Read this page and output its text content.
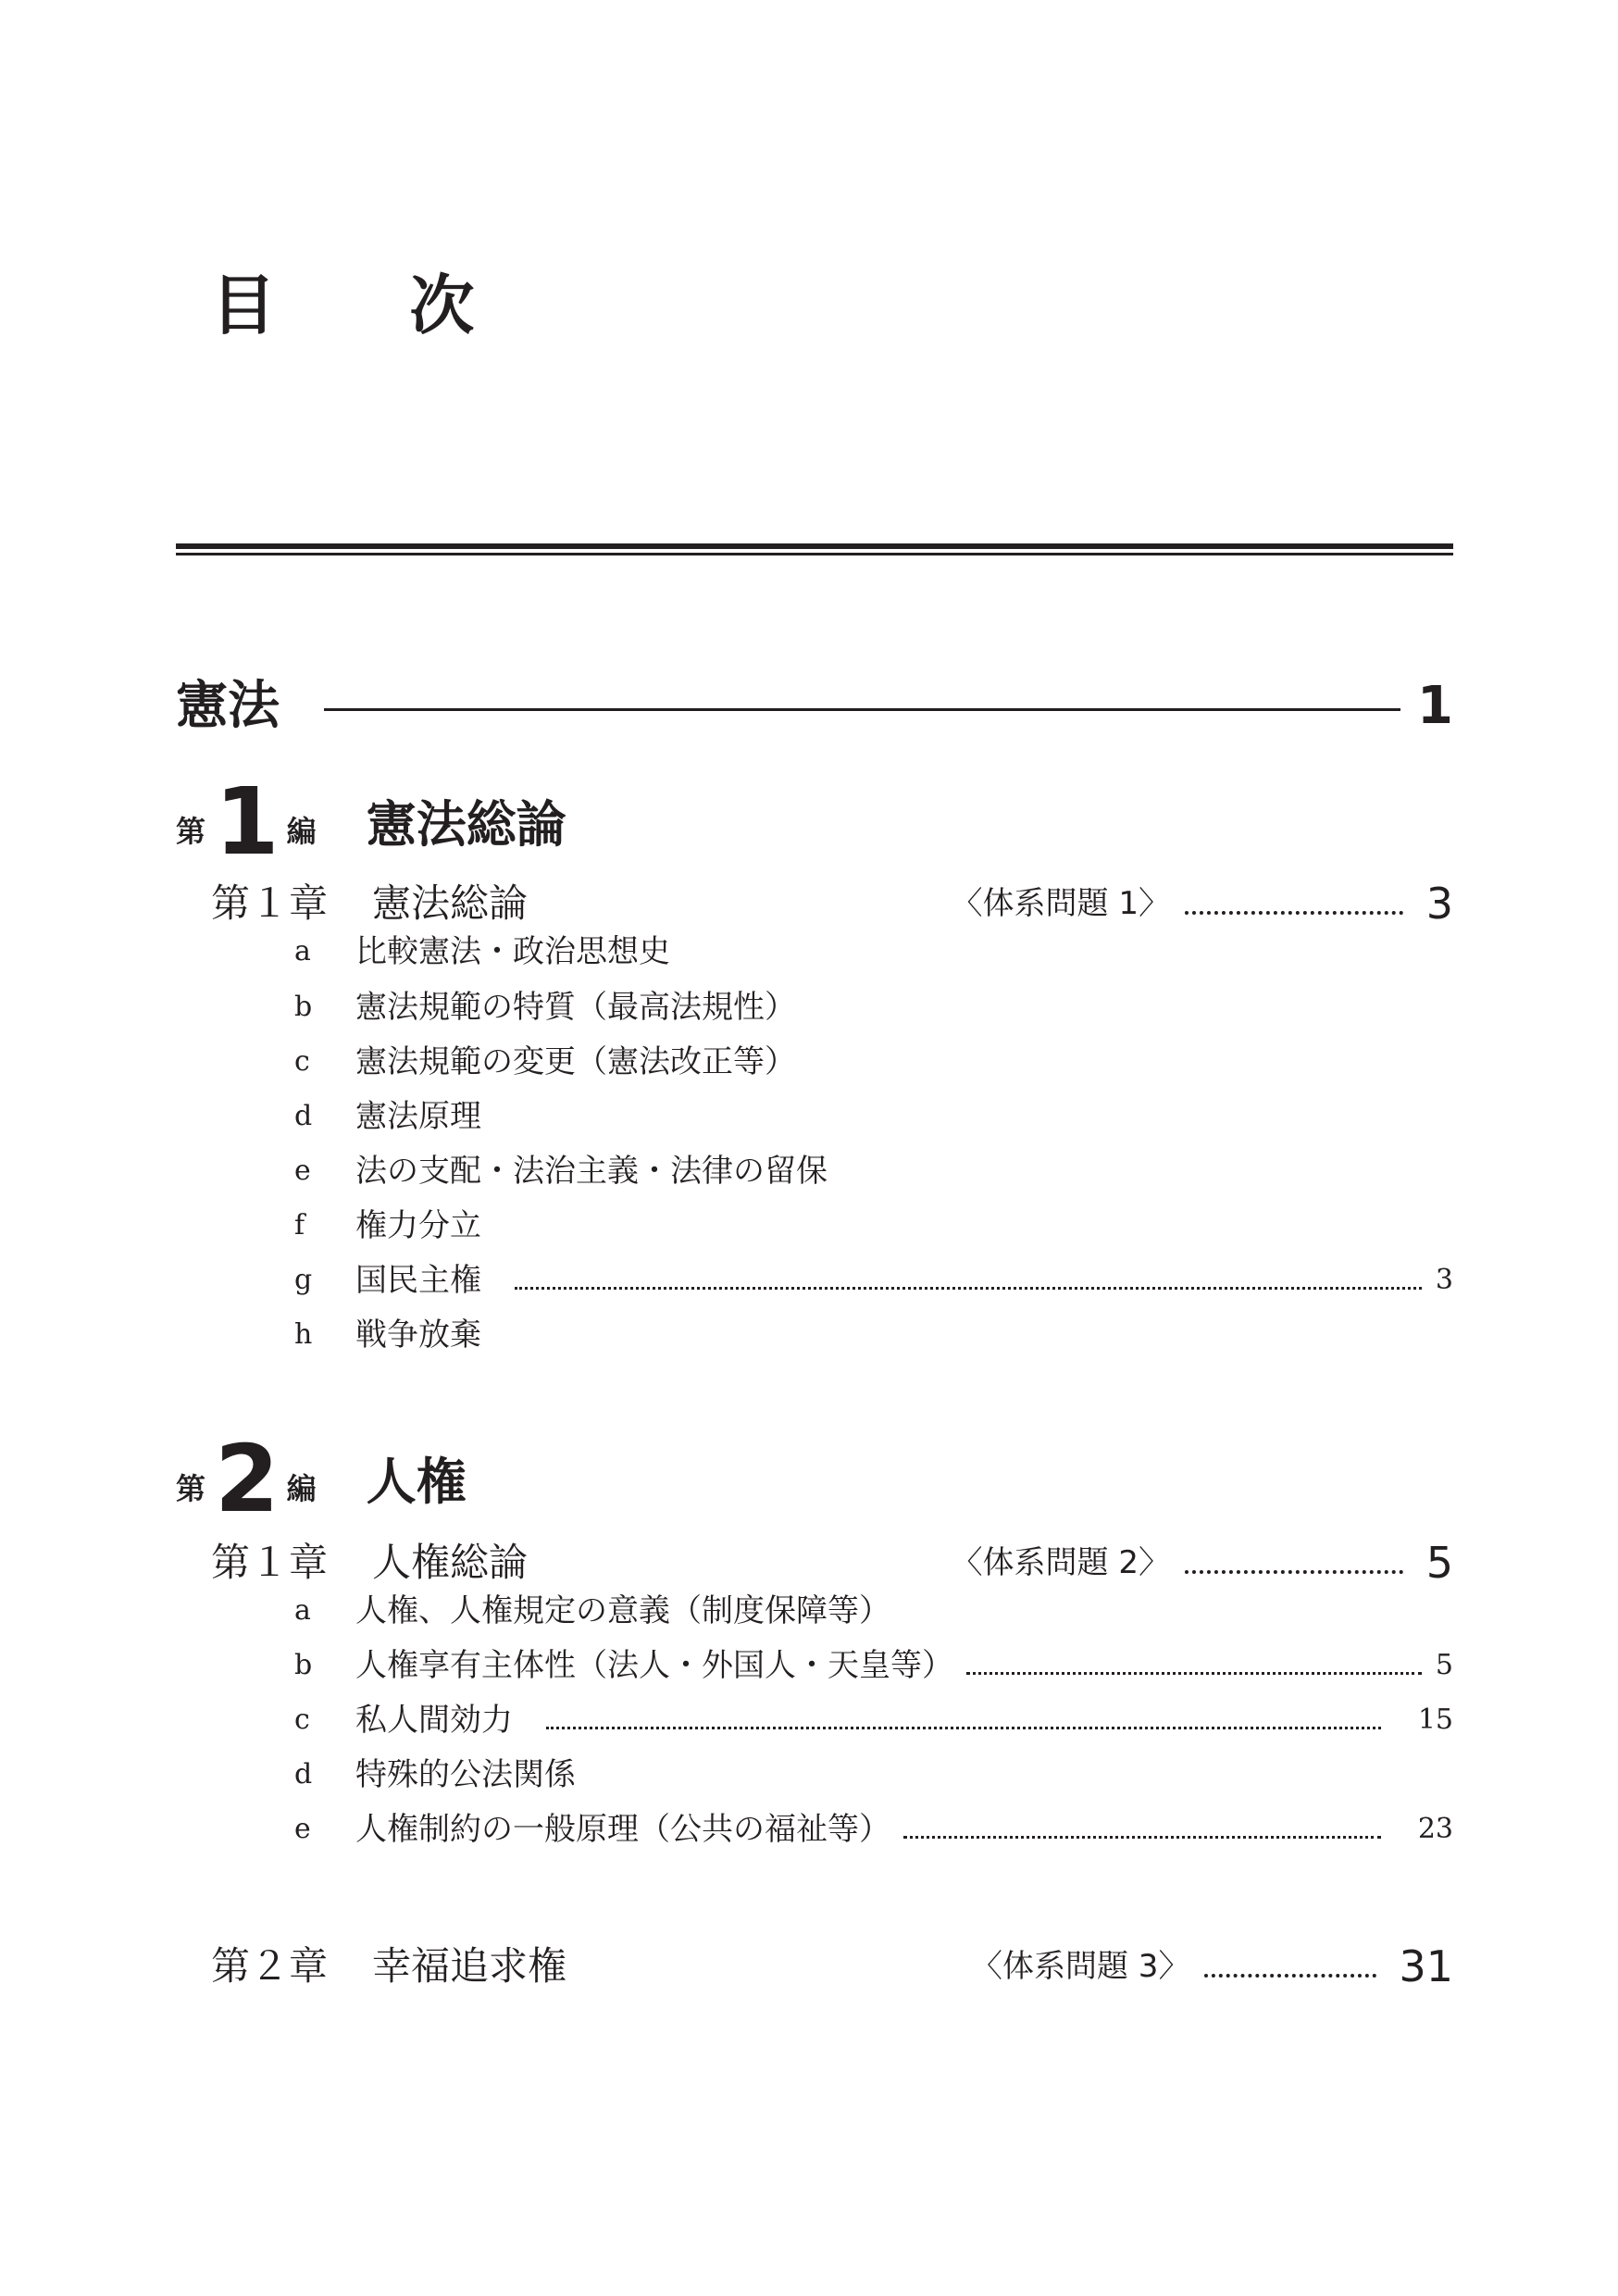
目 次
憲法	1
第 1 編 憲法総論
第１章 憲法総論	〈体系問題 1〉	3
a	比較憲法・政治思想史
b	憲法規範の特質（最高法規性）
c	憲法規範の変更（憲法改正等）
d	憲法原理
e	法の支配・法治主義・法律の留保
f	権力分立
g	国民主権	3
h	戦争放棄
第 2 編 人権
第１章 人権総論	〈体系問題 2〉	5
a	人権、人権規定の意義（制度保障等）
b	人権享有主体性（法人・外国人・天皇等）	5
c	私人間効力	15
d	特殊的公法関係
e	人権制約の一般原理（公共の福祉等）	23
第２章 幸福追求権	〈体系問題 3〉	31
